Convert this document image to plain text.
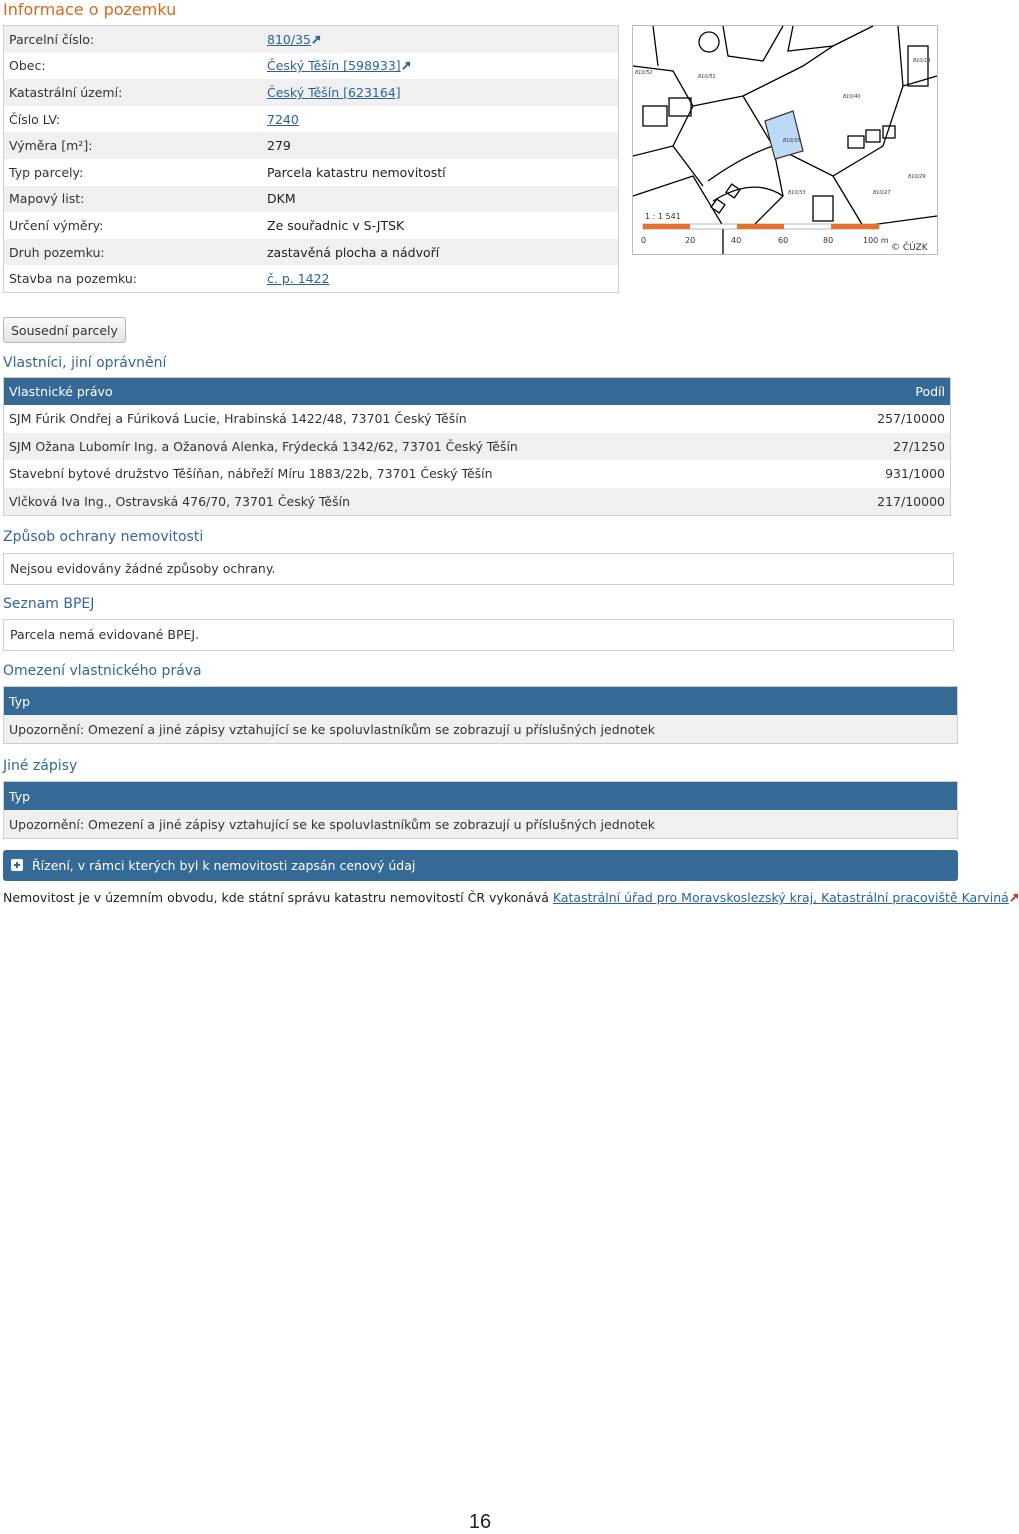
Informace o pozemku
Parcelní číslo:	810/35
Obec:	Český Těšín [598933]
Katastrální území:	Český Těšín [623164]
Číslo LV:	7240
Výměra [m²]:	279
Typ parcely:	Parcela katastru nemovitostí
Mapový list:	DKM
Určení výměry:	Ze souřadnic v S-JTSK
Druh pozemku:	zastavěná plocha a nádvoří
Stavba na pozemku:	č. p. 1422
810/52
810/51
810/40
810/35
810/33	810/27
810/29
810/19
1 : 1 541
0	20	40	60	80	100 m
© ČÚZK
Sousední parcely
Vlastníci, jiní oprávnění
Vlastnické právo	Podíl
SJM Fúrik Ondřej a Fúriková Lucie, Hrabinská 1422/48, 73701 Český Těšín	257/10000
SJM Ožana Lubomír Ing. a Ožanová Alenka, Frýdecká 1342/62, 73701 Český Těšín	27/1250
Stavební bytové družstvo Těšíňan, nábřeží Míru 1883/22b, 73701 Český Těšín	931/1000
Vlčková Iva Ing., Ostravská 476/70, 73701 Český Těšín	217/10000
Způsob ochrany nemovitosti
Nejsou evidovány žádné způsoby ochrany.
Seznam BPEJ
Parcela nemá evidované BPEJ.
Omezení vlastnického práva
Typ
Upozornění: Omezení a jiné zápisy vztahující se ke spoluvlastníkům se zobrazují u příslušných jednotek
Jiné zápisy
Typ
Upozornění: Omezení a jiné zápisy vztahující se ke spoluvlastníkům se zobrazují u příslušných jednotek
Řízení, v rámci kterých byl k nemovitosti zapsán cenový údaj
Nemovitost je v územním obvodu, kde státní správu katastru nemovitostí ČR vykonává Katastrální úřad pro Moravskoslezský kraj, Katastrální pracoviště Karviná
16
